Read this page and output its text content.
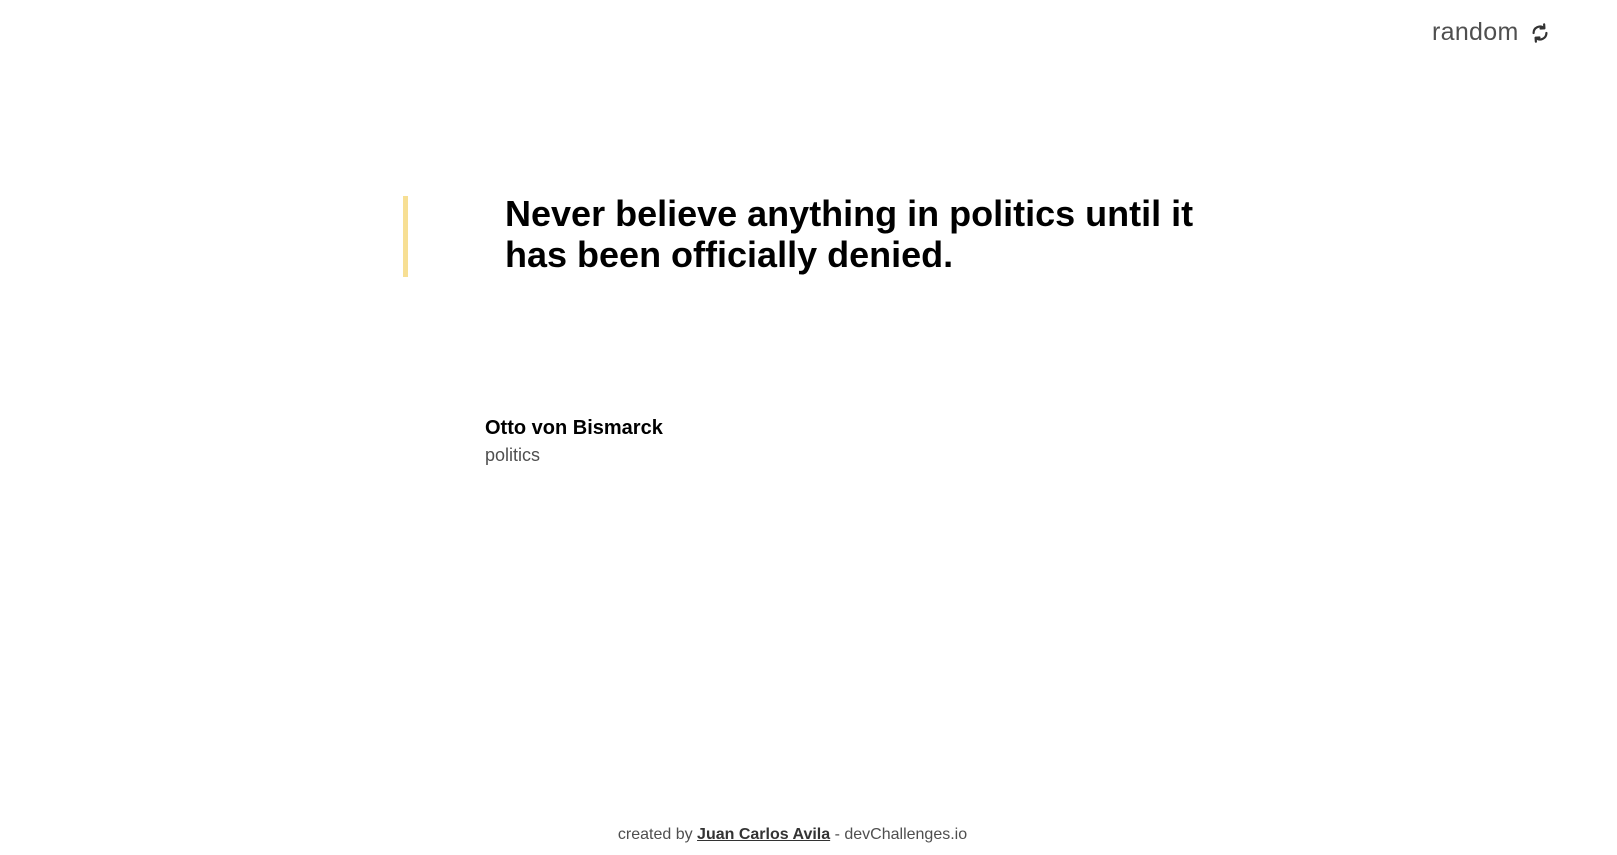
random
Never believe anything in politics until it has been officially denied.
Otto von Bismarck
politics
created by Juan Carlos Avila - devChallenges.io
